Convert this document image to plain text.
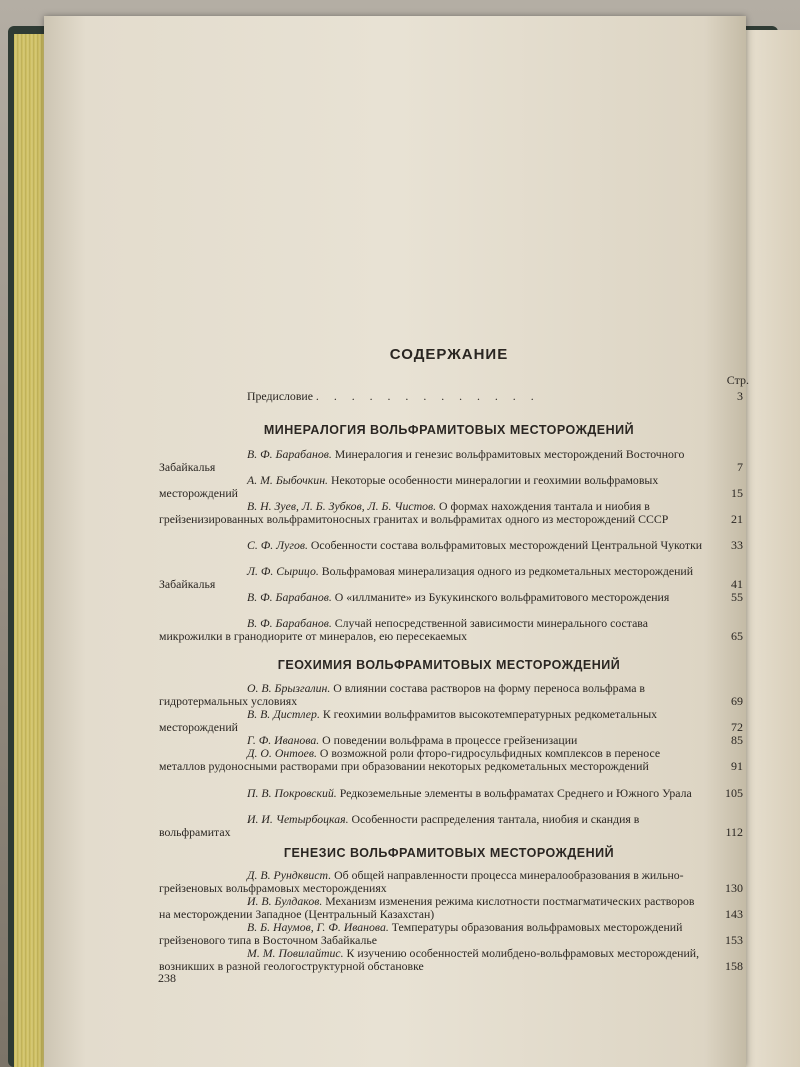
СОДЕРЖАНИЕ
Стр.
Предисловие . . . . . . . . . . . . .	3
МИНЕРАЛОГИЯ ВОЛЬФРАМИТОВЫХ МЕСТОРОЖДЕНИЙ
В. Ф. Барабанов. Минералогия и генезис вольфрамитовых месторождений Восточного Забайкалья	7
А. М. Быбочкин. Некоторые особенности минералогии и геохимии вольфрамовых месторождений	15
В. Н. Зуев, Л. Б. Зубков, Л. Б. Чистов. О формах нахождения тантала и ниобия в грейзенизированных вольфрамитоносных гранитах и вольфрамитах одного из месторождений СССР	21
С. Ф. Лугов. Особенности состава вольфрамитовых месторождений Центральной Чукотки 33
Л. Ф. Сырицо. Вольфрамовая минерализация одного из редкометальных месторождений Забайкалья	41
В. Ф. Барабанов. О «иллманите» из Букукинского вольфрамитового месторождения	55
В. Ф. Барабанов. Случай непосредственной зависимости минерального состава микрожилки в гранодиорите от минералов, ею пересекаемых	65
ГЕОХИМИЯ ВОЛЬФРАМИТОВЫХ МЕСТОРОЖДЕНИЙ
О. В. Брызгалин. О влиянии состава растворов на форму переноса вольфрама в гидротермальных условиях	69
В. В. Дистлер. К геохимии вольфрамитов высокотемпературных редкометальных месторождений	72
Г. Ф. Иванова. О поведении вольфрама в процессе грейзенизации	85
Д. О. Онтоев. О возможной роли фторо-гидросульфидных комплексов в переносе металлов рудоносными растворами при образовании некоторых редкометальных месторождений	91
П. В. Покровский. Редкоземельные элементы в вольфраматах Среднего и Южного Урала	105
И. И. Четырбоцкая. Особенности распределения тантала, ниобия и скандия в вольфрамитах	112
ГЕНЕЗИС ВОЛЬФРАМИТОВЫХ МЕСТОРОЖДЕНИЙ
Д. В. Рундквист. Об общей направленности процесса минералообразования в жильно-грейзеновых вольфрамовых месторождениях	130
И. В. Булдаков. Механизм изменения режима кислотности постмагматических растворов на месторождении Западное (Центральный Казахстан)	143
В. Б. Наумов, Г. Ф. Иванова. Температуры образования вольфрамовых месторождений грейзенового типа в Восточном Забайкалье	153
М. М. Повилайтис. К изучению особенностей молибдено-вольфрамовых месторождений, возникших в разной геологоструктурной обстановке	158
238
